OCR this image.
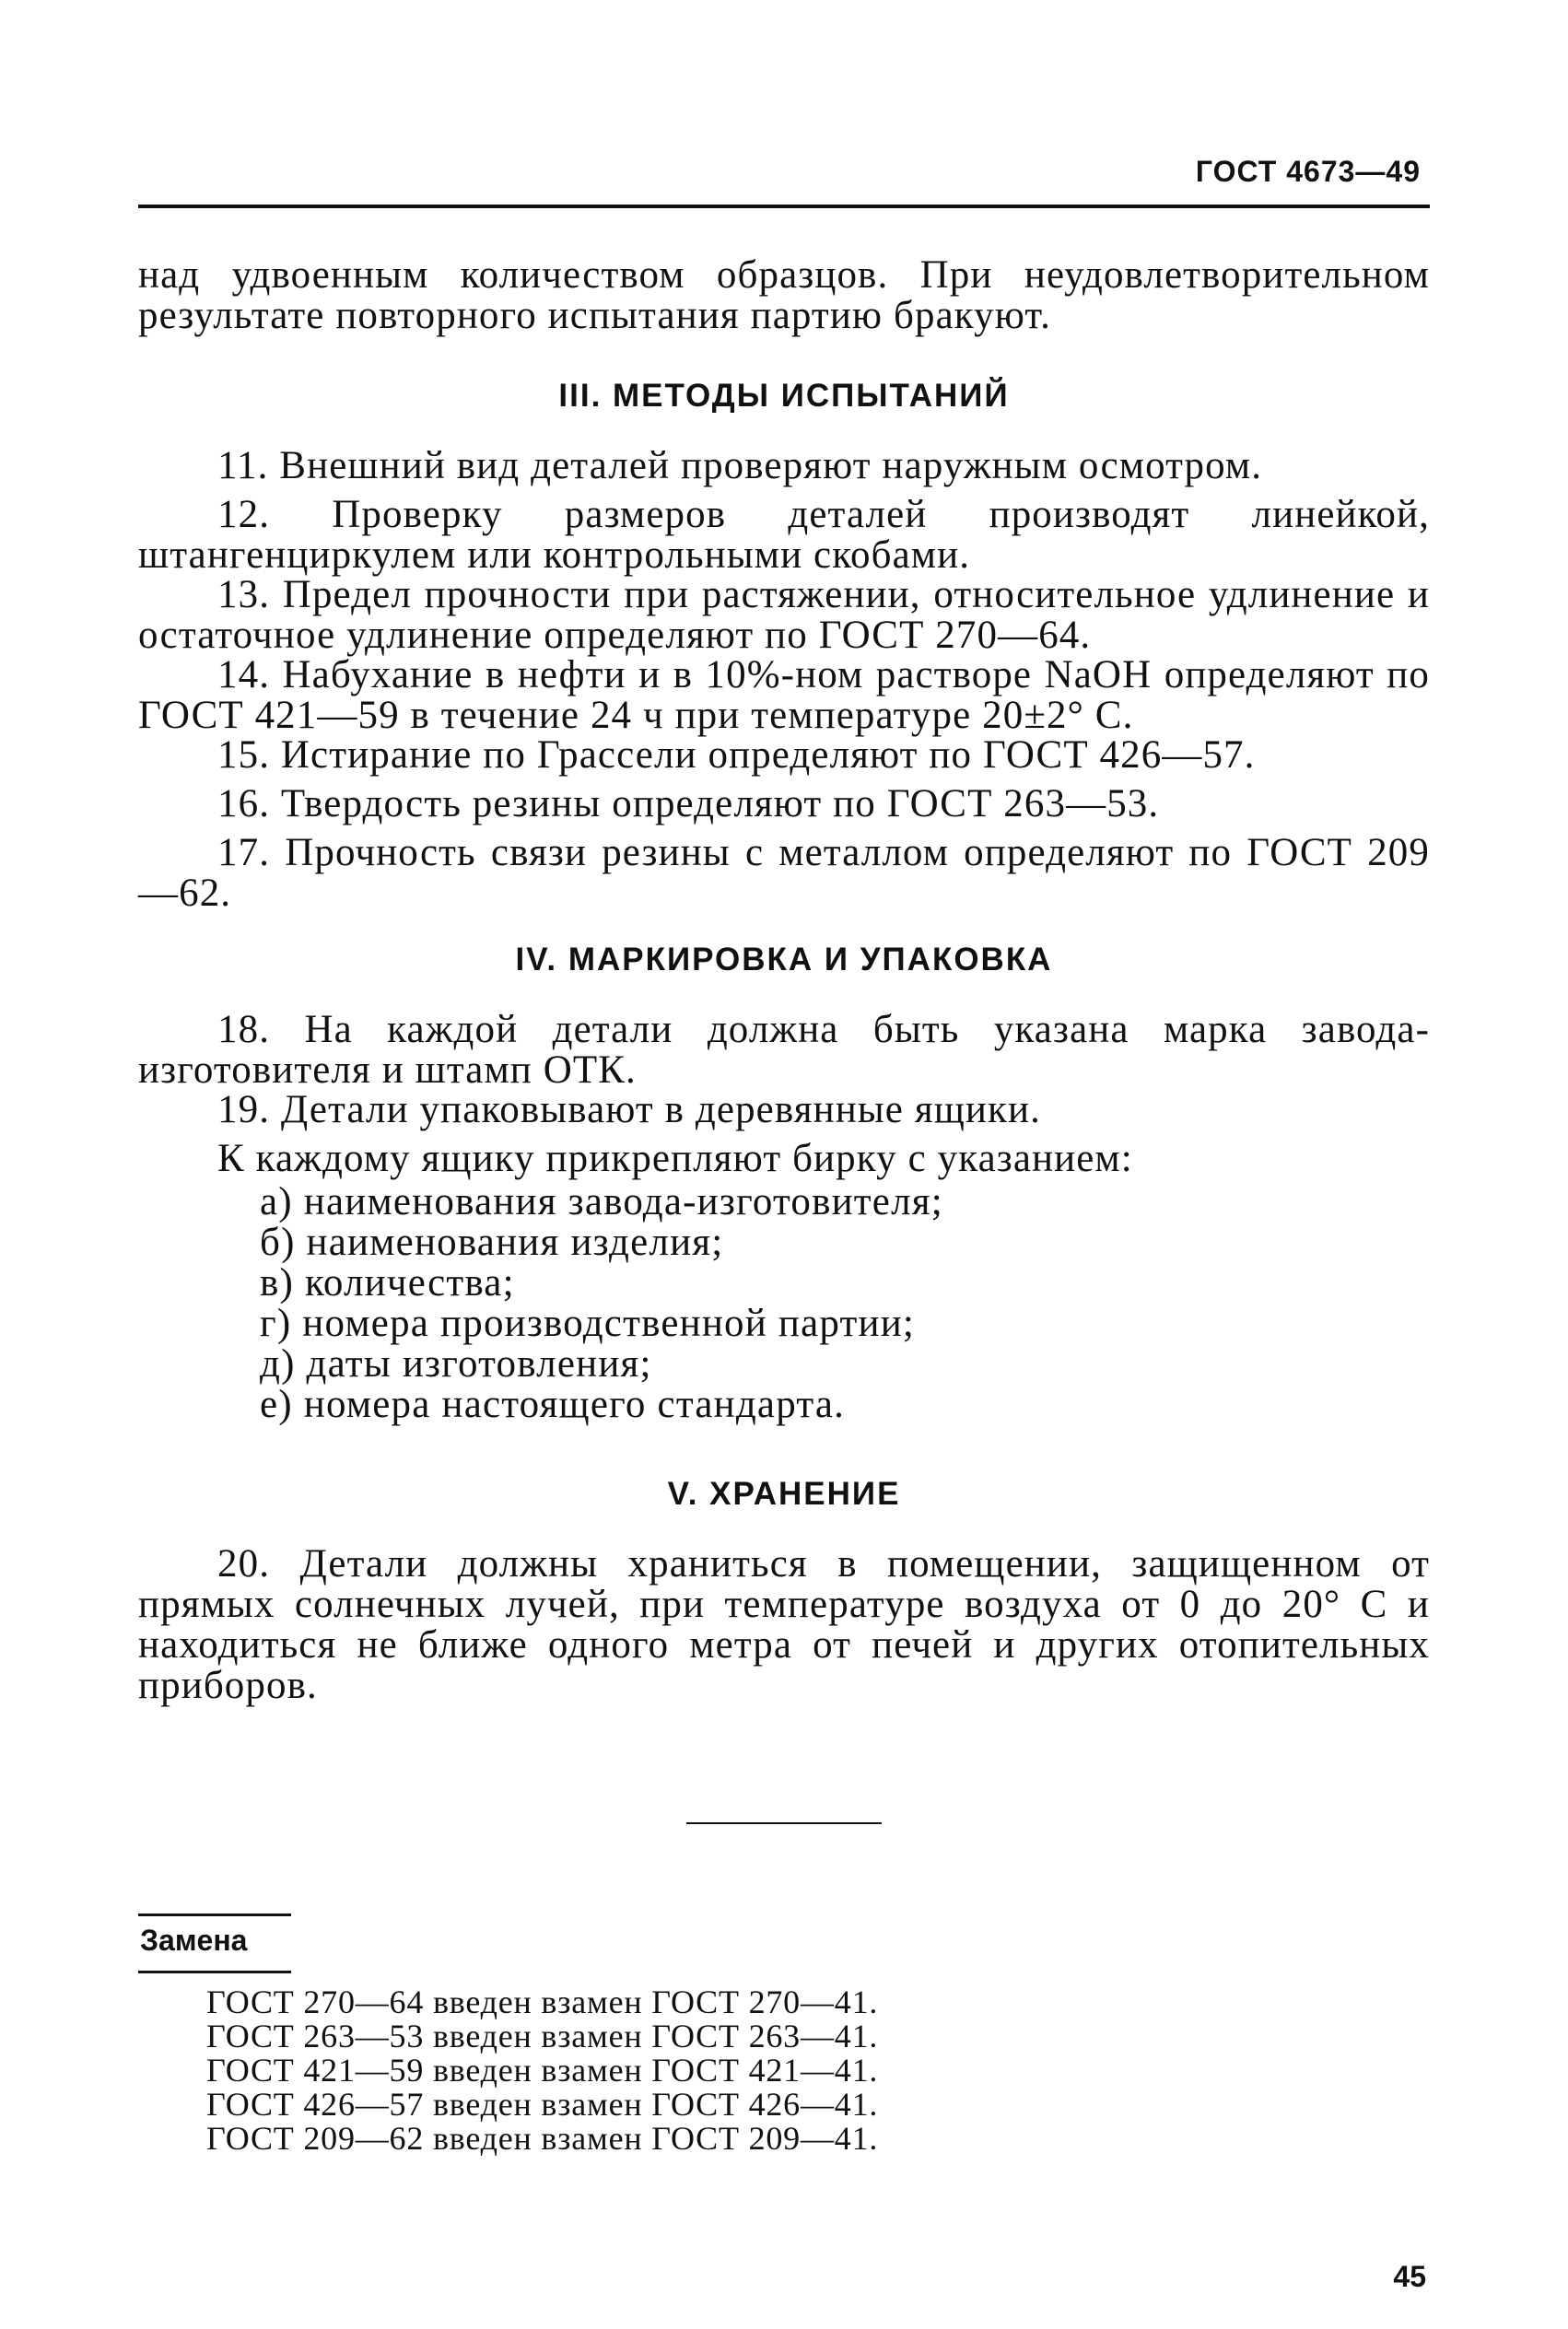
ГОСТ 4673—49
над удвоенным количеством образцов. При неудовлетворительном результате повторного испытания партию бракуют.
III. МЕТОДЫ ИСПЫТАНИЙ
11. Внешний вид деталей проверяют наружным осмотром.
12. Проверку размеров деталей производят линейкой, штангенциркулем или контрольными скобами.
13. Предел прочности при растяжении, относительное удлинение и остаточное удлинение определяют по ГОСТ 270—64.
14. Набухание в нефти и в 10%-ном растворе NaOH определяют по ГОСТ 421—59 в течение 24 ч при температуре 20±2° С.
15. Истирание по Грассели определяют по ГОСТ 426—57.
16. Твердость резины определяют по ГОСТ 263—53.
17. Прочность связи резины с металлом определяют по ГОСТ 209—62.
IV. МАРКИРОВКА И УПАКОВКА
18. На каждой детали должна быть указана марка завода-изготовителя и штамп ОТК.
19. Детали упаковывают в деревянные ящики.
К каждому ящику прикрепляют бирку с указанием:
а) наименования завода-изготовителя;
б) наименования изделия;
в) количества;
г) номера производственной партии;
д) даты изготовления;
е) номера настоящего стандарта.
V. ХРАНЕНИЕ
20. Детали должны храниться в помещении, защищенном от прямых солнечных лучей, при температуре воздуха от 0 до 20° С и находиться не ближе одного метра от печей и других отопительных приборов.
Замена
ГОСТ 270—64 введен взамен ГОСТ 270—41.
ГОСТ 263—53 введен взамен ГОСТ 263—41.
ГОСТ 421—59 введен взамен ГОСТ 421—41.
ГОСТ 426—57 введен взамен ГОСТ 426—41.
ГОСТ 209—62 введен взамен ГОСТ 209—41.
45
